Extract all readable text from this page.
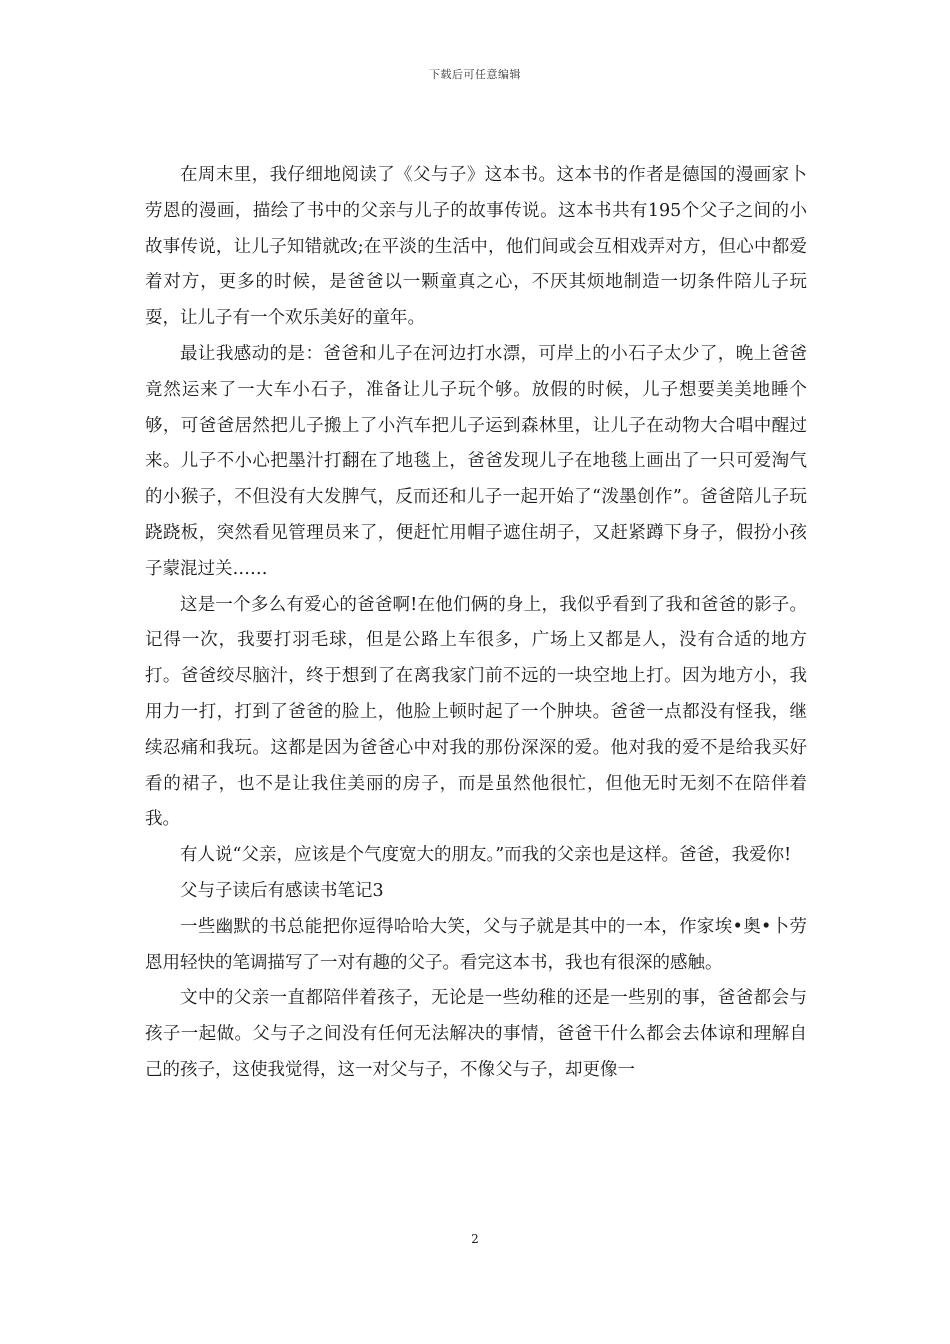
下载后可任意编辑

在周末里，我仔细地阅读了《父与子》这本书。这本书的作者是德国的漫画家卜劳恩的漫画，描绘了书中的父亲与儿子的故事传说。这本书共有195个父子之间的小故事传说，让儿子知错就改;在平淡的生活中，他们间或会互相戏弄对方，但心中都爱着对方，更多的时候，是爸爸以一颗童真之心，不厌其烦地制造一切条件陪儿子玩耍，让儿子有一个欢乐美好的童年。

最让我感动的是：爸爸和儿子在河边打水漂，可岸上的小石子太少了，晚上爸爸竟然运来了一大车小石子，准备让儿子玩个够。放假的时候，儿子想要美美地睡个够，可爸爸居然把儿子搬上了小汽车把儿子运到森林里，让儿子在动物大合唱中醒过来。儿子不小心把墨汁打翻在了地毯上，爸爸发现儿子在地毯上画出了一只可爱淘气的小猴子，不但没有大发脾气，反而还和儿子一起开始了“泼墨创作”。爸爸陪儿子玩跷跷板，突然看见管理员来了，便赶忙用帽子遮住胡子，又赶紧蹲下身子，假扮小孩子蒙混过关……

这是一个多么有爱心的爸爸啊!在他们俩的身上，我似乎看到了我和爸爸的影子。记得一次，我要打羽毛球，但是公路上车很多，广场上又都是人，没有合适的地方打。爸爸绞尽脑汁，终于想到了在离我家门前不远的一块空地上打。因为地方小，我用力一打，打到了爸爸的脸上，他脸上顿时起了一个肿块。爸爸一点都没有怪我，继续忍痛和我玩。这都是因为爸爸心中对我的那份深深的爱。他对我的爱不是给我买好看的裙子，也不是让我住美丽的房子，而是虽然他很忙，但他无时无刻不在陪伴着我。

有人说“父亲，应该是个气度宽大的朋友。”而我的父亲也是这样。爸爸，我爱你!

父与子读后有感读书笔记3

一些幽默的书总能把你逗得哈哈大笑，父与子就是其中的一本，作家埃•奥•卜劳恩用轻快的笔调描写了一对有趣的父子。看完这本书，我也有很深的感触。

文中的父亲一直都陪伴着孩子，无论是一些幼稚的还是一些别的事，爸爸都会与孩子一起做。父与子之间没有任何无法解决的事情，爸爸干什么都会去体谅和理解自己的孩子，这使我觉得，这一对父与子，不像父与子，却更像一

2
